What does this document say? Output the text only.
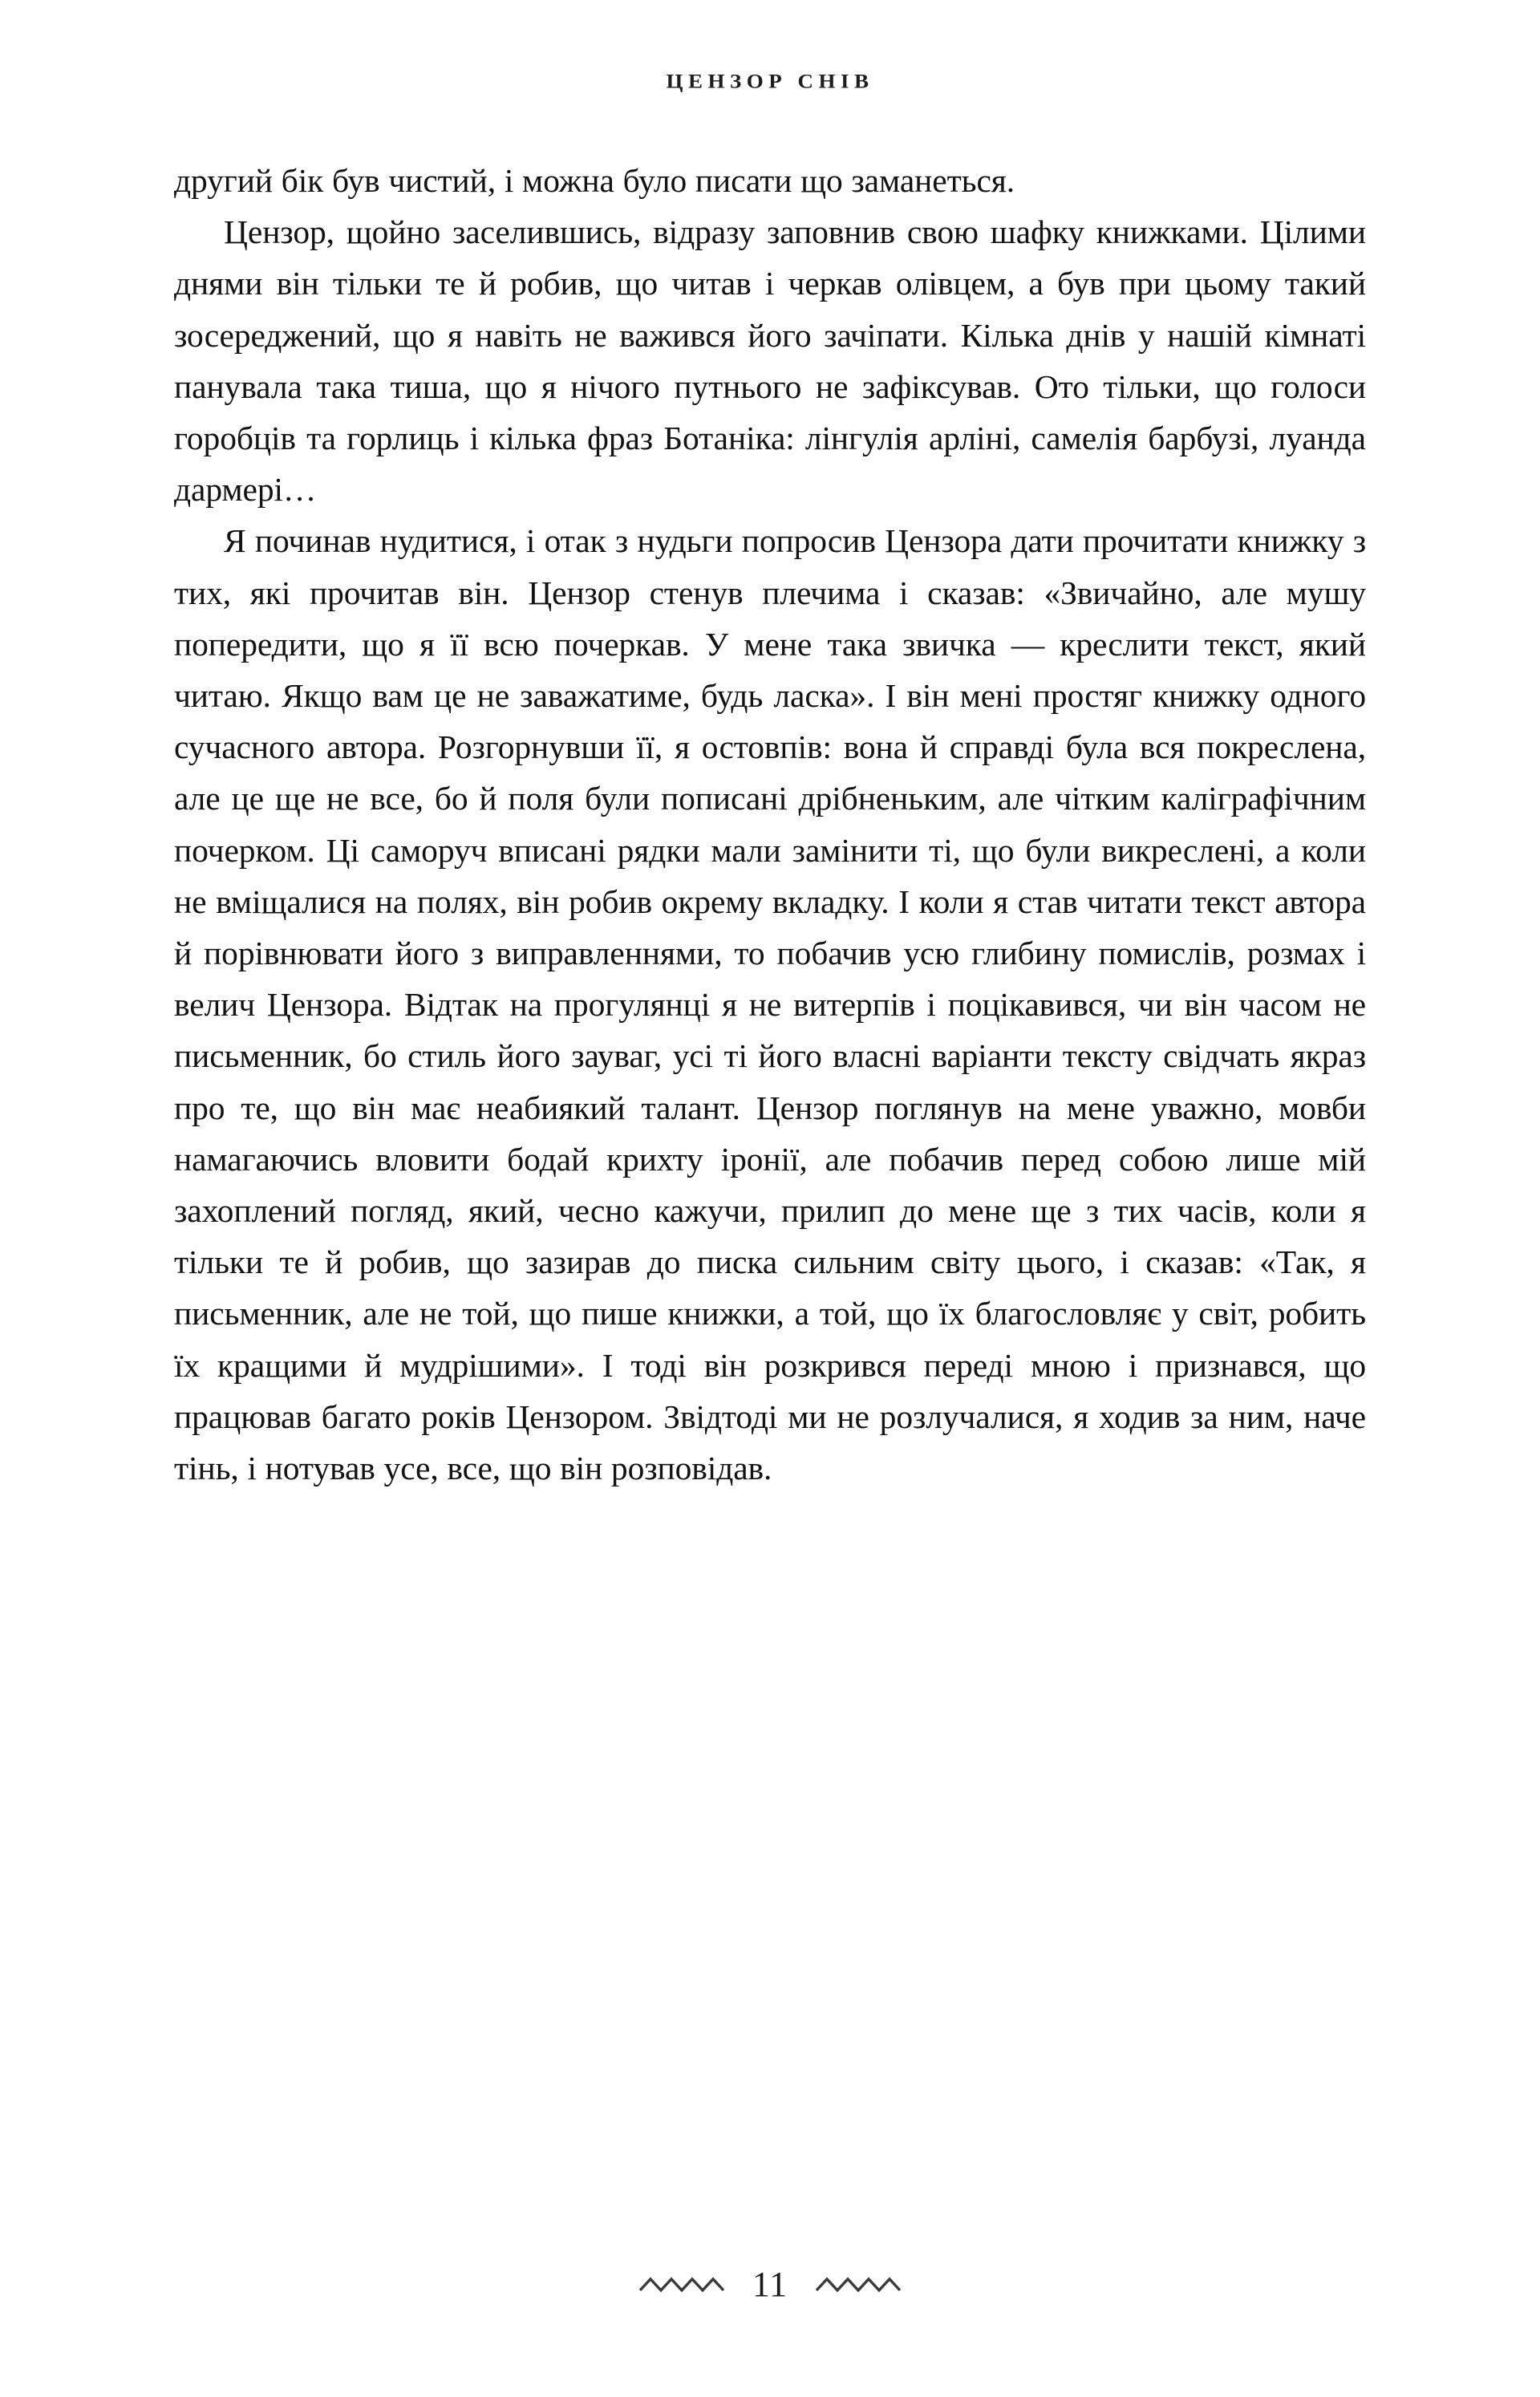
ЦЕНЗОР СНІВ

другий бік був чистий, і можна було писати що заманеться.

Цензор, щойно заселившись, відразу заповнив свою шафку книжками. Цілими днями він тільки те й робив, що читав і черкав олівцем, а був при цьому такий зосереджений, що я навіть не важився його зачіпати. Кілька днів у нашій кімнаті панувала така тиша, що я нічого путнього не зафіксував. Ото тільки, що голоси горобців та горлиць і кілька фраз Ботаніка: лінгулія арліні, самелія барбузі, луанда дармері…

Я починав нудитися, і отак з нудьги попросив Цензора дати прочитати книжку з тих, які прочитав він. Цензор стенув плечима і сказав: «Звичайно, але мушу попередити, що я її всю почеркав. У мене така звичка — креслити текст, який читаю. Якщо вам це не заважатиме, будь ласка». І він мені простяг книжку одного сучасного автора. Розгорнувши її, я остовпів: вона й справді була вся покреслена, але це ще не все, бо й поля були пописані дрібненьким, але чітким каліграфічним почерком. Ці саморуч вписані рядки мали замінити ті, що були викреслені, а коли не вміщалися на полях, він робив окрему вкладку. І коли я став читати текст автора й порівнювати його з виправленнями, то побачив усю глибину помислів, розмах і велич Цензора. Відтак на прогулянці я не витерпів і поцікавився, чи він часом не письменник, бо стиль його зауваг, усі ті його власні варіанти тексту свідчать якраз про те, що він має неабиякий талант. Цензор поглянув на мене уважно, мовби намагаючись вловити бодай крихту іронії, але побачив перед собою лише мій захоплений погляд, який, чесно кажучи, прилип до мене ще з тих часів, коли я тільки те й робив, що зазирав до писка сильним світу цього, і сказав: «Так, я письменник, але не той, що пише книжки, а той, що їх благословляє у світ, робить їх кращими й мудрішими». І тоді він розкрився переді мною і признався, що працював багато років Цензором. Звідтоді ми не розлучалися, я ходив за ним, наче тінь, і нотував усе, все, що він розповідав.

11
